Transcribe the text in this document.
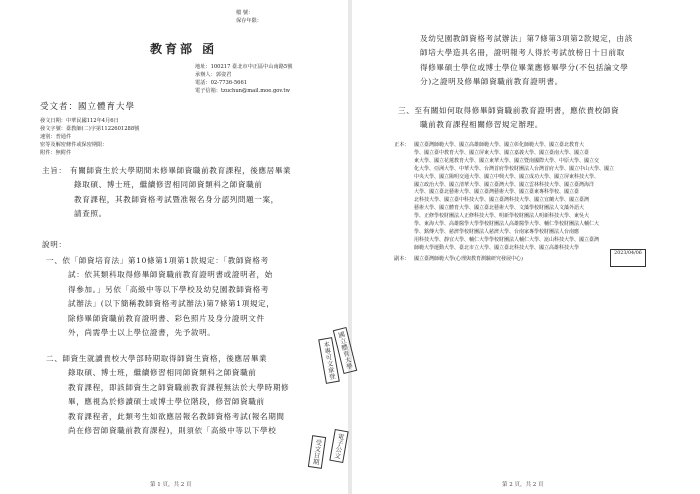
檔 號：
保存年限：
教育部 函
地址：100217 臺北市中正區中山南路5號
承辦人：郭姿君
電話：02-7736-5661
電子信箱：tzuchun@mail.moe.gov.tw
受文者：國立體育大學
發文日期：中華民國112年4月6日
發文字號：臺教師(二)字第1122601288號
速別：普通件
密等及解密條件或保密期限：
附件：無附件
主旨： 有關師資生於大學期間未修畢師資職前教育課程，後應居畢業
錄取碩、博士班，繼續修習相同師資類科之師資職前
教育課程，其教師資格考試暨准報名身分認列問題一案，
請查照。
說明：
一、依「師資培育法」第10條第1項第1款規定：「教師資格考
試：依其類科取得修畢師資職前教育證明書或證明者，始
得參加。」另依「高級中等以下學校及幼兒園教師資格考
試辦法」(以下簡稱教師資格考試辦法)第7條第1項規定，
除修畢師資職前教育證明書、彩色照片及身分證明文件
外，尚需學士以上學位證書，先予敘明。
二、師資生就讀貴校大學部時期取得師資生資格，後應居畢業
錄取碩、博士班，繼續修習相同師資類科之師資職前
教育課程，即該師資生之師資職前教育課程無法於大學時期修
畢，應視為於修讀碩士或博士學位階段，修習師資職前
教育課程者，此類考生如欲應居報名教師資格考試(報名期間
尚在修習師資職前教育課程)，則須依「高級中等以下學校
本專可文章登
受文日期
第 1 頁，共 2 頁
及幼兒園教師資格考試辦法」第7條第3項第2款規定，由該
師培大學造具名冊，證明報考人得於考試放榜日十日前取
得修畢碩士學位或博士學位畢業應修畢學分(不包括論文學
分)之證明及修畢師資職前教育證明書。
三、至有關如何取得修畢師資職前教育證明書，應依貴校師資
職前教育課程相關修習規定辦理。
正本： 國立臺灣師範大學、國立高雄師範大學、國立彰化師範大學、國立臺北教育大
學、國立臺中教育大學、國立屏東大學、國立嘉義大學、國立臺南大學、國立臺
東大學、國立花蓮教育大學、國立東華大學、國立暨南國際大學、中原大學、國立交
化大學、亞洲大學、中華大學、台灣首府學校財團法人台灣首府大學、國立中山大學、國立
中央大學、國立陽明交通大學、國立中興大學、國立成功大學、國立屏東科技大學、
國立政治大學、國立清華大學、國立臺灣大學、國立雲林科技大學、國立臺灣海洋
大學、國立臺北藝術大學、國立臺灣藝術大學、國立臺東專科學校、國立臺
北科技大學、國立臺中科技大學、國立臺灣科技大學、國立宜蘭大學、國立臺灣
藝術大學、國立體育大學、國立臺北藝術大學、文藻學校財團法人文藻外語大
學、正修學校財團法人正修科技大學、明新學校財團法人明新科技大學、東吳大
學、東海大學、高雄醫學大學學校財團法人高雄醫學大學、輔仁學校財團法人輔仁大
學、銘傳大學、慈濟學校財團法人慈濟大學、台南家專學校財團法人台南應
用科技大學、靜宜大學、輔仁大學學校財團法人輔仁大學、崑山科技大學、國立臺灣
師範大學運動大學、臺北市立大學、國立臺北科技大學、國立高雄科技大學
副本： 國立臺灣師範大學(心理與教育測驗研究發展中心)
2023/04/06
國立體育大學
電子公文
第 2 頁，共 2 頁
